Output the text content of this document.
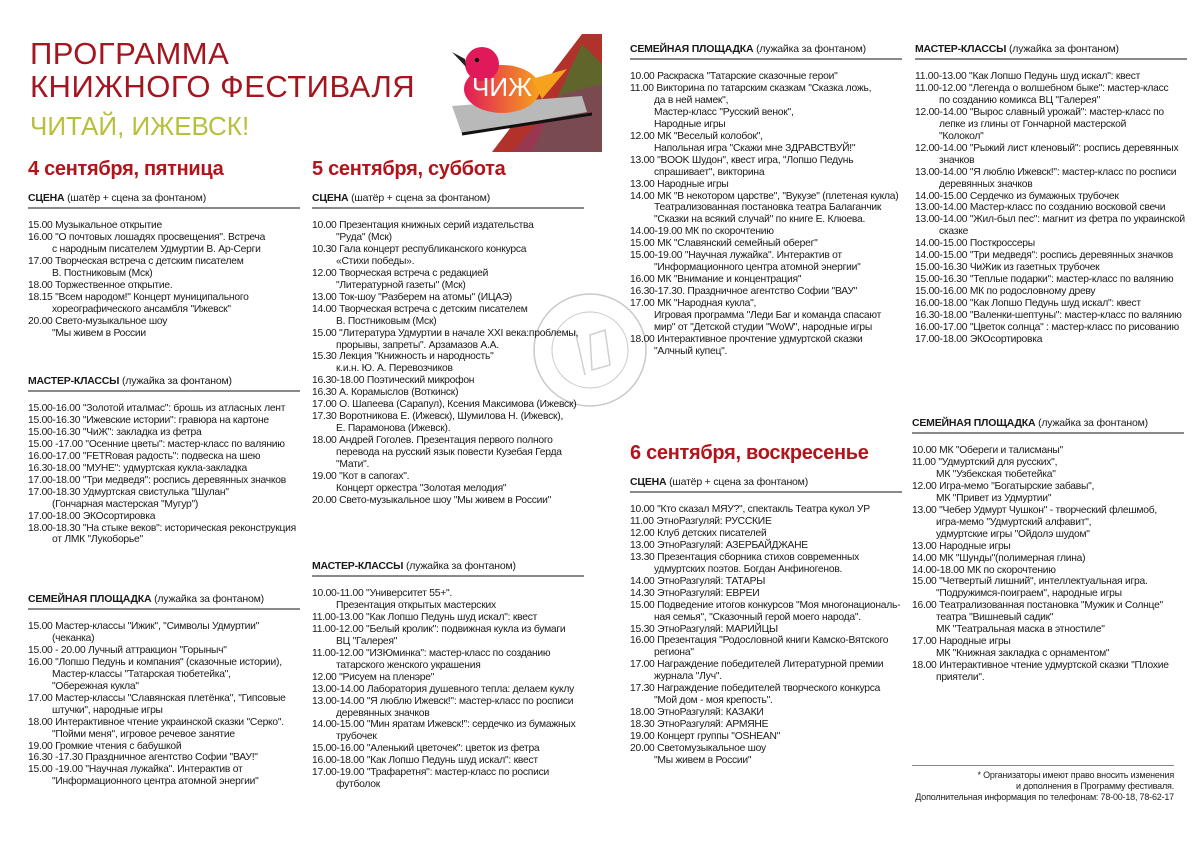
ПРОГРАММА
КНИЖНОГО ФЕСТИВАЛЯ
ЧИТАЙ, ИЖЕВСК!
ЧИЖ
4 сентября, пятница	5 сентября, суббота
6 сентября, воскресенье
СЦЕНА (шатёр + сцена за фонтаном)
15.00 Музыкальное открытие
16.00 "О почтовых лошадях просвещения". Встреча
с народным писателем Удмуртии В. Ар-Серги
17.00 Творческая встреча с детским писателем
В. Постниковым (Мск)
18.00 Торжественное открытие.
18.15 "Всем народом!" Концерт муниципального
хореографического ансамбля "Ижевск"
20.00 Свето-музыкальное шоу
"Мы живем в России
МАСТЕР-КЛАССЫ (лужайка за фонтаном)
15.00-16.00 "Золотой италмас": брошь из атласных лент
15.00-16.30 "Ижевские истории": гравюра на картоне
15.00-16.30 "ЧиЖ": закладка из фетра
15.00 -17.00 "Осенние цветы": мастер-класс по валянию
16.00-17.00 "FETRовая радость": подвеска на шею
16.30-18.00 "МУНЕ": удмуртская кукла-закладка
17.00-18.00 "Три медведя": роспись деревянных значков
17.00-18.30 Удмуртская свистулька "Шулан"
(Гончарная мастерская "Мугур")
17.00-18.00 ЭКОсортировка
18.00-18.30 "На стыке веков": историческая реконструкция
от ЛМК "Лукоборье"
СЕМЕЙНАЯ ПЛОЩАДКА (лужайка за фонтаном)
15.00 Мастер-классы "Ижик", "Символы Удмуртии"
(чеканка)
15.00 - 20.00 Лучный аттракцион "Горыныч"
16.00 "Лопшо Педунь и компания" (сказочные истории),
Мастер-классы "Татарская тюбетейка",
"Обережная кукла"
17.00 Мастер-классы "Славянская плетёнка", "Гипсовые
штучки", народные игры
18.00 Интерактивное чтение украинской сказки "Серко".
"Пойми меня", игровое речевое занятие
19.00 Громкие чтения с бабушкой
16.30 -17.30 Праздничное агентство Софии "ВАУ!"
15.00 -19.00 "Научная лужайка". Интерактив от
"Информационного центра атомной энергии"
СЦЕНА (шатёр + сцена за фонтаном)
10.00 Презентация книжных серий издательства
"Руда" (Мск)
10.30 Гала концерт республиканского конкурса
«Стихи победы».
12.00 Творческая встреча с редакцией
"Литературной газеты" (Мск)
13.00 Ток-шоу "Разберем на атомы" (ИЦАЭ)
14.00 Творческая встреча с детским писателем
В. Постниковым (Мск)
15.00 "Литература Удмуртии в начале XXI века:проблемы,
прорывы, запреты". Арзамазов А.А.
15.30 Лекция "Книжность и народность"
к.и.н. Ю. А. Перевозчиков
16.30-18.00 Поэтический микрофон
16.30 А. Корамыслов (Воткинск)
17.00 О. Шапеева (Сарапул), Ксения Максимова (Ижевск)
17.30 Воротникова Е. (Ижевск), Шумилова Н. (Ижевск),
Е. Парамонова (Ижевск).
18.00 Андрей Гоголев. Презентация первого полного
перевода на русский язык повести Кузебая Герда
"Мати".
19.00 "Кот в сапогах".
Концерт оркестра "Золотая мелодия"
20.00 Свето-музыкальное шоу "Мы живем в России"
МАСТЕР-КЛАССЫ (лужайка за фонтаном)
10.00-11.00 "Университет 55+".
Презентация открытых мастерских
11.00-13.00 "Как Лопшо Педунь шуд искал": квест
11.00-12.00 "Белый кролик": подвижная кукла из бумаги
ВЦ "Галерея"
11.00-12.00 "ИЗЮминка": мастер-класс по созданию
татарского женского украшения
12.00 "Рисуем на пленэре"
13.00-14.00 Лаборатория душевного тепла: делаем куклу
13.00-14.00 "Я люблю Ижевск!": мастер-класс по росписи
деревянных значков
14.00-15.00 "Мин яратам Ижевск!": сердечко из бумажных
трубочек
15.00-16.00 "Аленький цветочек": цветок из фетра
16.00-18.00 "Как Лопшо Педунь шуд искал": квест
17.00-19.00 "Трафаретня": мастер-класс по росписи
футболок
СЕМЕЙНАЯ ПЛОЩАДКА (лужайка за фонтаном)
10.00 Раскраска "Татарские сказочные герои"
11.00 Викторина по татарским сказкам "Сказка ложь,
да в ней намек",
Мастер-класс "Русский венок",
Народные игры
12.00 МК "Веселый колобок",
Напольная игра "Скажи мне ЗДРАВСТВУЙ!"
13.00 "BOOK Шудон", квест игра, "Лопшо Педунь
спрашивает", викторина
13.00 Народные игры
14.00 МК "В некотором царстве", "Вукузе" (плетеная кукла)
Театрализованная постановка театра Балаганчик
"Сказки на всякий случай" по книге Е. Клюева.
14.00-19.00 МК по скорочтению
15.00 МК "Славянский семейный оберег"
15.00-19.00 "Научная лужайка". Интерактив от
"Информационного центра атомной энергии"
16.00 МК "Внимание и концентрация"
16.30-17.30. Праздничное агентство Софии "ВАУ"
17.00 МК "Народная кукла",
Игровая программа "Леди Баг и команда спасают
мир" от "Детской студии "WoW", народные игры
18.00 Интерактивное прочтение удмуртской сказки
"Алчный купец".
СЦЕНА (шатёр + сцена за фонтаном)
10.00 "Кто сказал МЯУ?", спектакль Театра кукол УР
11.00 ЭтноРазгуляй: РУССКИЕ
12.00 Клуб детских писателей
13.00 ЭтноРазгуляй: АЗЕРБАЙДЖАНЕ
13.30 Презентация сборника стихов современных
удмуртских поэтов. Богдан Анфиногенов.
14.00 ЭтноРазгуляй: ТАТАРЫ
14.30 ЭтноРазгуляй: ЕВРЕИ
15.00 Подведение итогов конкурсов "Моя многонациональ-
ная семья", "Сказочный герой моего народа".
15.30 ЭтноРазгуляй: МАРИЙЦЫ
16.00 Презентация "Родословной книги Камско-Вятского
региона"
17.00 Награждение победителей Литературной премии
журнала "Луч".
17.30 Награждение победителей творческого конкурса
"Мой дом - моя крепость".
18.00 ЭтноРазгуляй: КАЗАКИ
18.30 ЭтноРазгуляй: АРМЯНЕ
19.00 Концерт группы "OSHEAN"
20.00 Светомузыкальное шоу
"Мы живем в России"
МАСТЕР-КЛАССЫ (лужайка за фонтаном)
11.00-13.00 "Как Лопшо Педунь шуд искал": квест
11.00-12.00 "Легенда о волшебном быке": мастер-класс
по созданию комикса ВЦ "Галерея"
12.00-14.00 "Вырос славный урожай": мастер-класс по
лепке из глины от Гончарной мастерской
"Колокол"
12.00-14.00 "Рыжий лист кленовый": роспись деревянных
значков
13.00-14.00 "Я люблю Ижевск!": мастер-класс по росписи
деревянных значков
14.00-15.00 Сердечко из бумажных трубочек
13.00-14.00 Мастер-класс по созданию восковой свечи
13.00-14.00 "Жил-был пес": магнит из фетра по украинской
сказке
14.00-15.00 Посткроссеры
14.00-15.00 "Три медведя": роспись деревянных значков
15.00-16.30 ЧиЖик из газетных трубочек
15.00-16.30 "Теплые подарки": мастер-класс по валянию
15.00-16.00 МК по родословному древу
16.00-18.00 "Как Лопшо Педунь шуд искал": квест
16.30-18.00 "Валенки-шептуны": мастер-класс по валянию
16.00-17.00 "Цветок солнца" : мастер-класс по рисованию
17.00-18.00 ЭКОсортировка
СЕМЕЙНАЯ ПЛОЩАДКА (лужайка за фонтаном)
10.00 МК "Обереги и талисманы"
11.00 "Удмуртский для русских",
МК "Узбекская тюбетейка"
12.00 Игра-мемо "Богатырские забавы",
МК "Привет из Удмуртии"
13.00 "Чебер Удмурт Чушкон" - творческий флешмоб,
игра-мемо "Удмуртский алфавит",
удмуртские игры "Ойдолэ шудом"
13.00 Народные игры
14.00 МК "Шунды"(полимерная глина)
14.00-18.00 МК по скорочтению
15.00 "Четвертый лишний", интеллектуальная игра.
"Подружимся-поиграем", народные игры
16.00 Театрализованная постановка "Мужик и Солнце"
театра "Вишневый садик"
МК "Театральная маска в этностиле"
17.00 Народные игры
МК "Книжная закладка с орнаментом"
18.00 Интерактивное чтение удмуртской сказки "Плохие
приятели".
* Организаторы имеют право вносить изменения
и дополнения в Программу фестиваля.
Дополнительная информация по телефонам: 78-00-18, 78-62-17
